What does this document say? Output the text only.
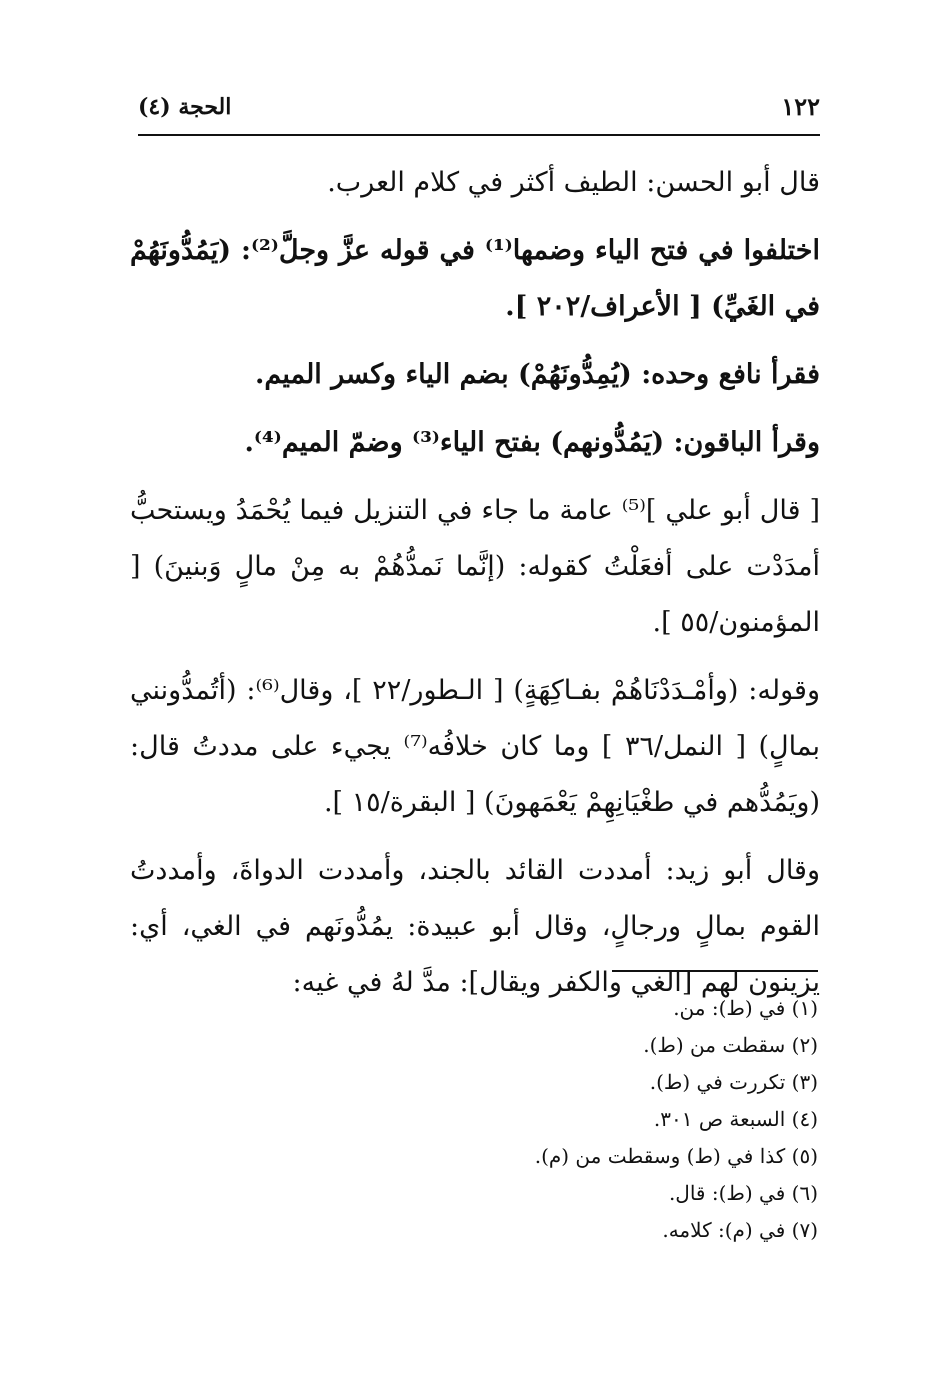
الحجة (٤)	١٢٢

قال أبو الحسن: الطيف أكثر في كلام العرب.

اختلفوا في فتح الياء وضمها⁽¹⁾ في قوله عزَّ وجلَّ⁽²⁾: (يَمُدُّونَهُمْ في الغَيِّ) [ الأعراف/٢٠٢ ].

فقرأ نافع وحده: (يُمِدُّونَهُمْ) بضم الياء وكسر الميم.

وقرأ الباقون: (يَمُدُّونهم) بفتح الياء⁽³⁾ وضمّ الميم⁽⁴⁾.

[ قال أبو علي ]⁽⁵⁾ عامة ما جاء في التنزيل فيما يُحْمَدُ ويستحبُّ أمدَدْت على أفعَلْتُ كقوله: (إنَّما نَمدُّهُمْ به مِنْ مالٍ وَبنينَ) [ المؤمنون/٥٥ ].

وقوله: (وأمْـدَدْنَاهُمْ بفـاكِهَةٍ) [ الـطور/٢٢ ]، وقال⁽⁶⁾: (أتُمدُّونني بمالٍ) [ النمل/٣٦ ] وما كان خلافُه⁽⁷⁾ يجيء على مددتُ قال: (ويَمُدُّهم في طغْيَانِهِمْ يَعْمَهونَ) [ البقرة/١٥ ].

وقال أبو زيد: أمددت القائد بالجند، وأمددت الدواةَ، وأمددتُ القوم بمالٍ ورجالٍ، وقال أبو عبيدة: يمُدُّونَهم في الغي، أي: يزينون لهم [الغي والكفر ويقال]: مدَّ لهُ في غيه:

(١) في (ط): من.
(٢) سقطت من (ط).
(٣) تكررت في (ط).
(٤) السبعة ص ٣٠١.
(٥) كذا في (ط) وسقطت من (م).
(٦) في (ط): قال.
(٧) في (م): كلامه.
